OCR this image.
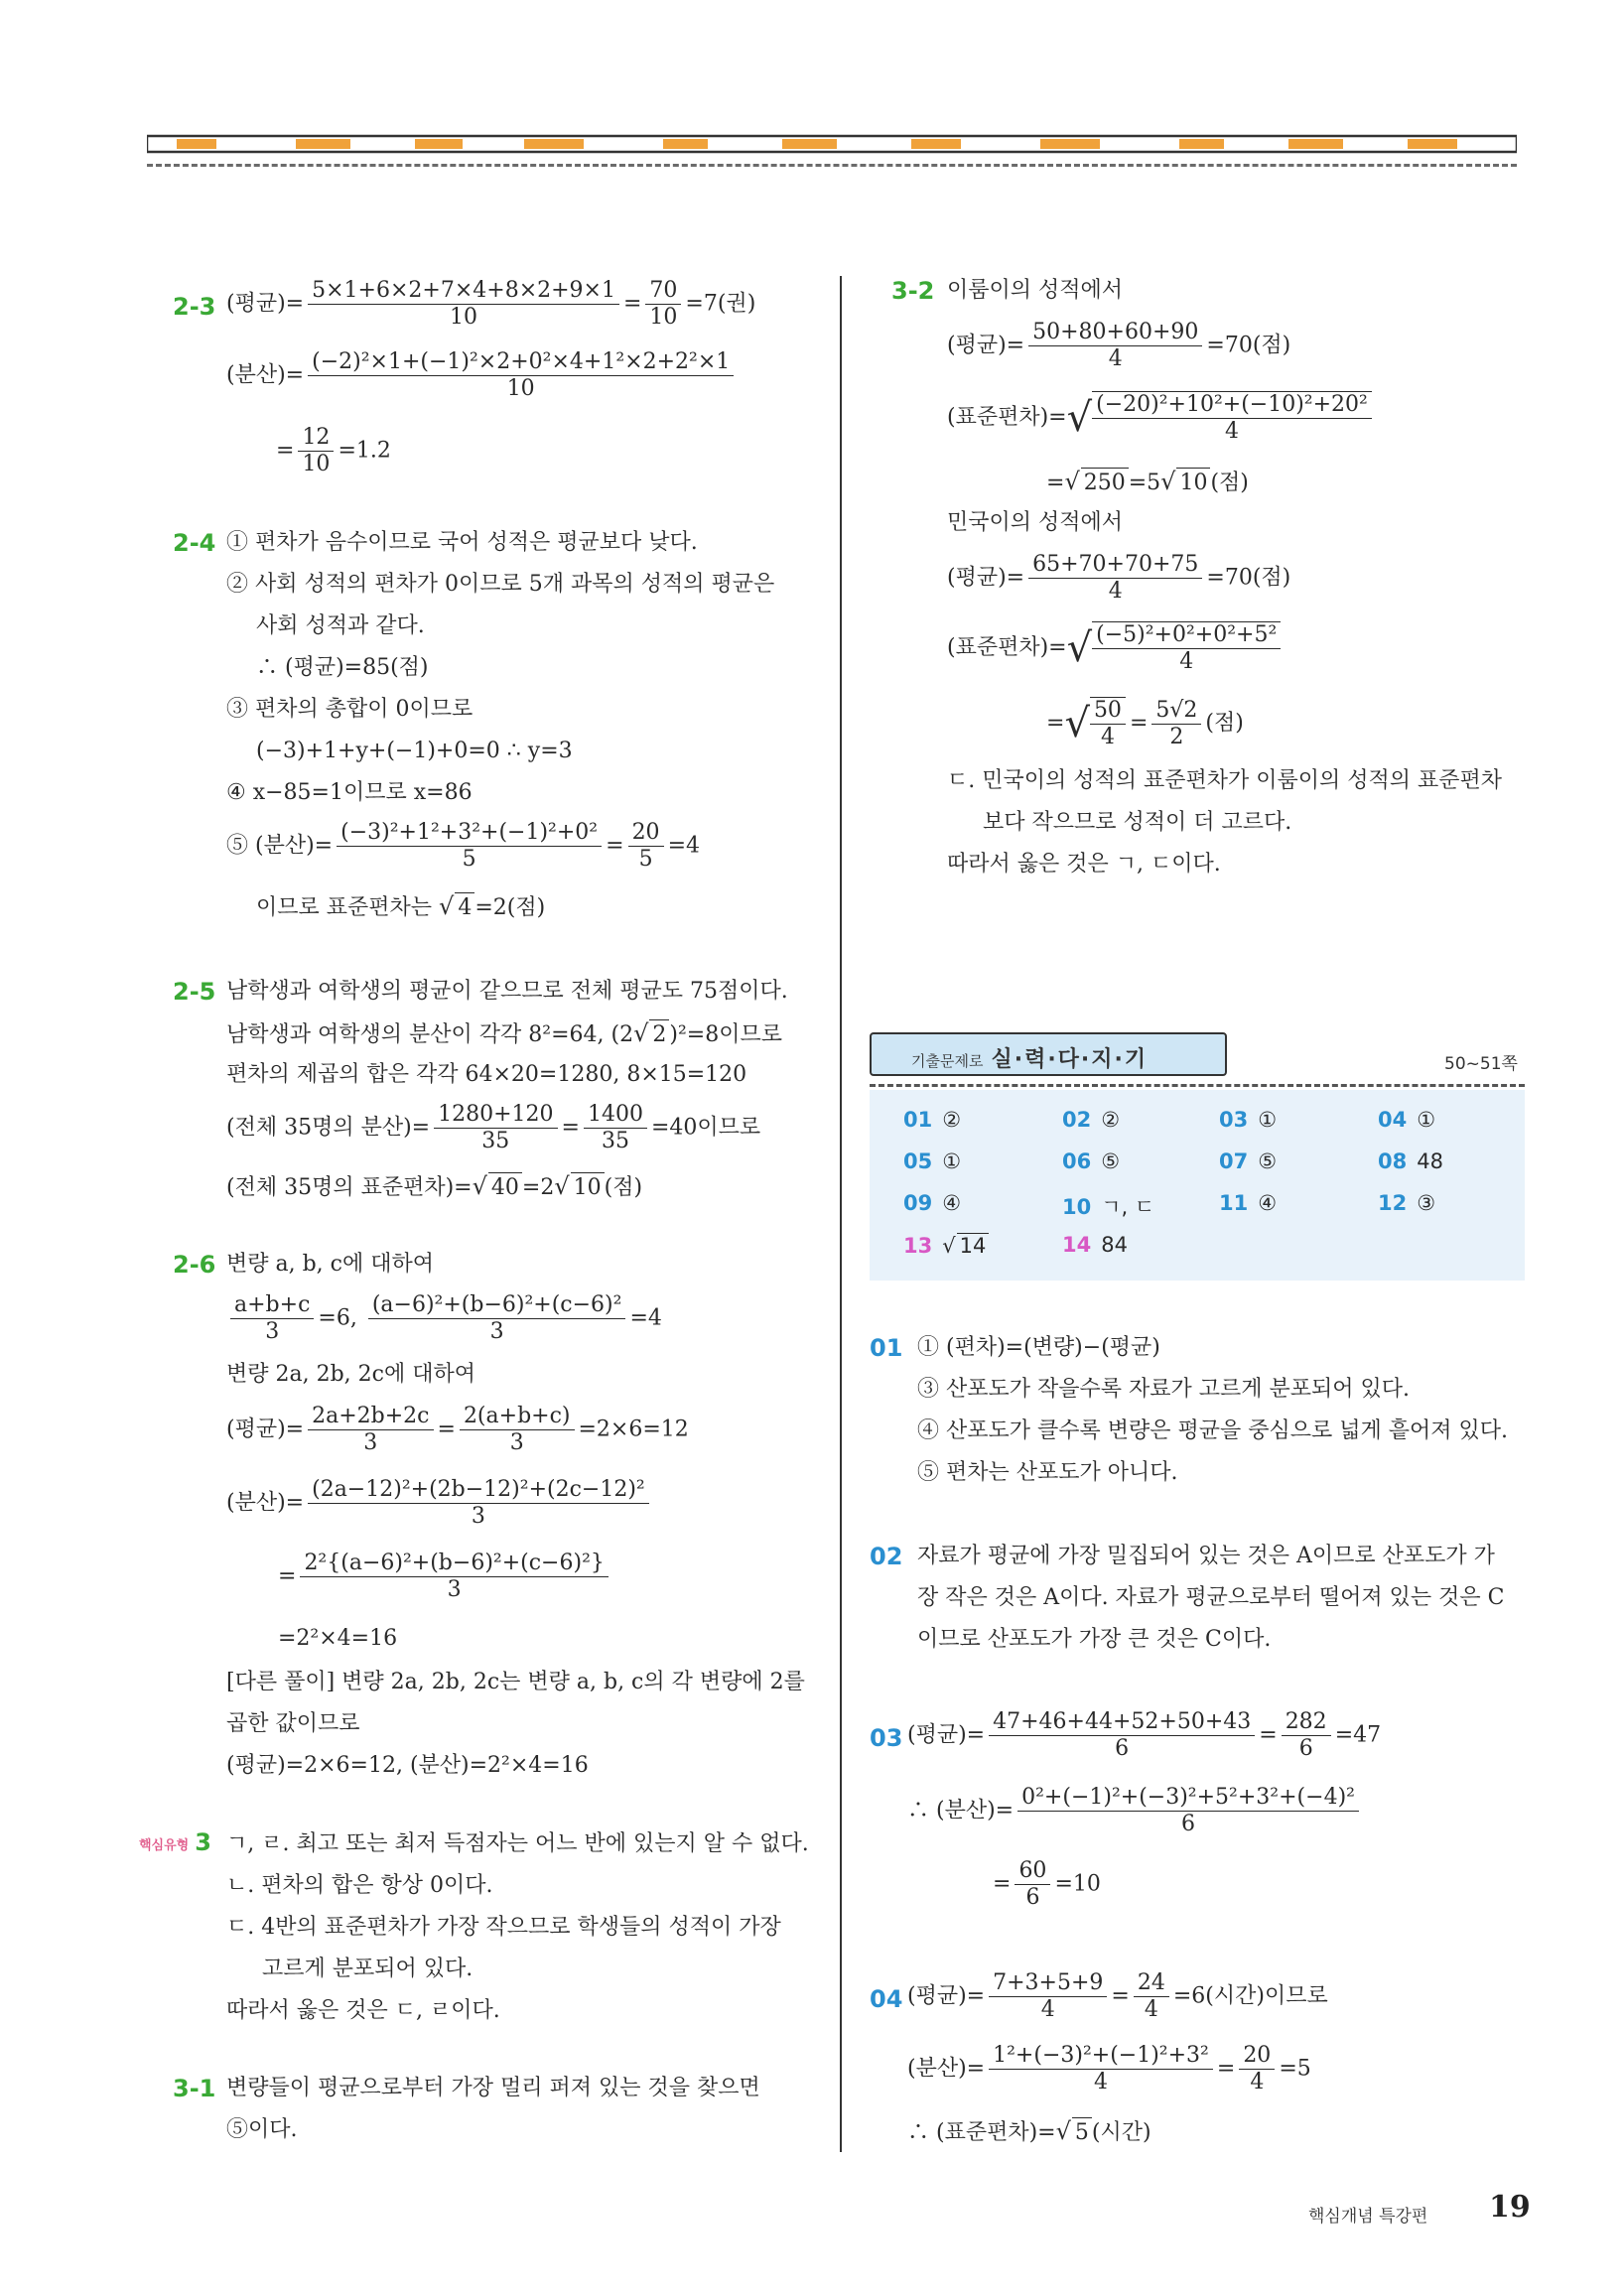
2-3 (평균)= $\frac{5\times 1+6\times 2+7\times 4+8\times 2+9\times 1}{10} = \frac{70}{10} =7$(권)
(분산)= $\frac{\text{(−2)²×1+(−1)²×2+0²×4+1²×2+2²×1}}{10}$
= $\frac{12}{10} =1.2$
2-4 ① 편차가 음수이므로 국어 성적은 평균보다 낮다.
② 사회 성적의 편차가 0이므로 5개 과목의 성적의 평균은
사회 성적과 같다.
∴ (평균)=85(점)
③ 편차의 총합이 0이므로
(−3)+1+y+(−1)+0=0 ∴ y=3
④ x−85=1이므로 x=86
⑤ (분산)= $\frac{\text{(−3)²+1²+3²+(−1)²+0²}}{5} = \frac{20}{5} =4$
이므로 표준편차는 √ 4 =2(점)
2-5 남학생과 여학생의 평균이 같으므로 전체 평균도 75점이다.
남학생과 여학생의 분산이 각각 8²=64, (2√ 2 )²=8이므로
편차의 제곱의 합은 각각 64×20=1280, 8×15=120
(전체 35명의 분산)= $\frac{1280+120}{35} = \frac{1400}{35} =40$이므로
(전체 35명의 표준편차)=√ 40 =2√ 10 (점)
2-6 변량 a, b, c에 대하여
$\frac{a+b+c}{3} =6$, $\frac{\text{(a−6)²+(b−6)²+(c−6)²}}{3} =4$
변량 2a, 2b, 2c에 대하여
(평균)= $\frac{2a+2b+2c}{3} = \frac{2(a+b+c)}{3} =2\times 6=12$
(분산)= $\frac{\text{(2a−12)²+(2b−12)²+(2c−12)²}}{3}$
= $\frac{\text{2²\{(a−6)²+(b−6)²+(c−6)²\}}}{3}$
=2²×4=16
[다른 풀이] 변량 2a, 2b, 2c는 변량 a, b, c의 각 변량에 2를
곱한 값이므로
(평균)=2×6=12, (분산)=2²×4=16
핵심유형 3 ㄱ, ㄹ. 최고 또는 최저 득점자는 어느 반에 있는지 알 수 없다.
ㄴ. 편차의 합은 항상 0이다.
ㄷ. 4반의 표준편차가 가장 작으므로 학생들의 성적이 가장
고르게 분포되어 있다.
따라서 옳은 것은 ㄷ, ㄹ이다.
3-1 변량들이 평균으로부터 가장 멀리 퍼져 있는 것을 찾으면
⑤이다.
3-2 이룸이의 성적에서
(평균)= $\frac{50+80+60+90}{4} =70$(점)
(표준편차)=√ $\frac{\text{(−20)²+10²+(−10)²+20²}}{4}$
=√ 250 =5√ 10 (점)
민국이의 성적에서
(평균)= $\frac{65+70+70+75}{4} =70$(점)
(표준편차)=√ $\frac{\text{(−5)²+0²+0²+5²}}{4}$
=√ $\frac{50}{4} = \frac{5√2}{2}$ (점)
ㄷ. 민국이의 성적의 표준편차가 이룸이의 성적의 표준편차
보다 작으므로 성적이 더 고르다.
따라서 옳은 것은 ㄱ, ㄷ이다.
기출문제로 실·력·다·지·기	50~51쪽
01 ②	02 ②	03 ①	04 ①
05 ①	06 ⑤	07 ⑤	08 48
09 ④	10 ㄱ, ㄷ	11 ④	12 ③
13 √ 14	14 84
01 ① (편차)=(변량)−(평균)
③ 산포도가 작을수록 자료가 고르게 분포되어 있다.
④ 산포도가 클수록 변량은 평균을 중심으로 넓게 흩어져 있다.
⑤ 편차는 산포도가 아니다.
02 자료가 평균에 가장 밀집되어 있는 것은 A이므로 산포도가 가
장 작은 것은 A이다. 자료가 평균으로부터 떨어져 있는 것은 C
이므로 산포도가 가장 큰 것은 C이다.
03 (평균)= $\frac{47+46+44+52+50+43}{6} = \frac{282}{6} =47$
∴ (분산)= $\frac{\text{0²+(−1)²+(−3)²+5²+3²+(−4)²}}{6}$
= $\frac{60}{6} =10$
04 (평균)= $\frac{7+3+5+9}{4} = \frac{24}{4} =6$(시간)이므로
(분산)= $\frac{\text{1²+(−3)²+(−1)²+3²}}{4} = \frac{20}{4} =5$
∴ (표준편차)=√ 5 (시간)
핵심개념 특강편 19
